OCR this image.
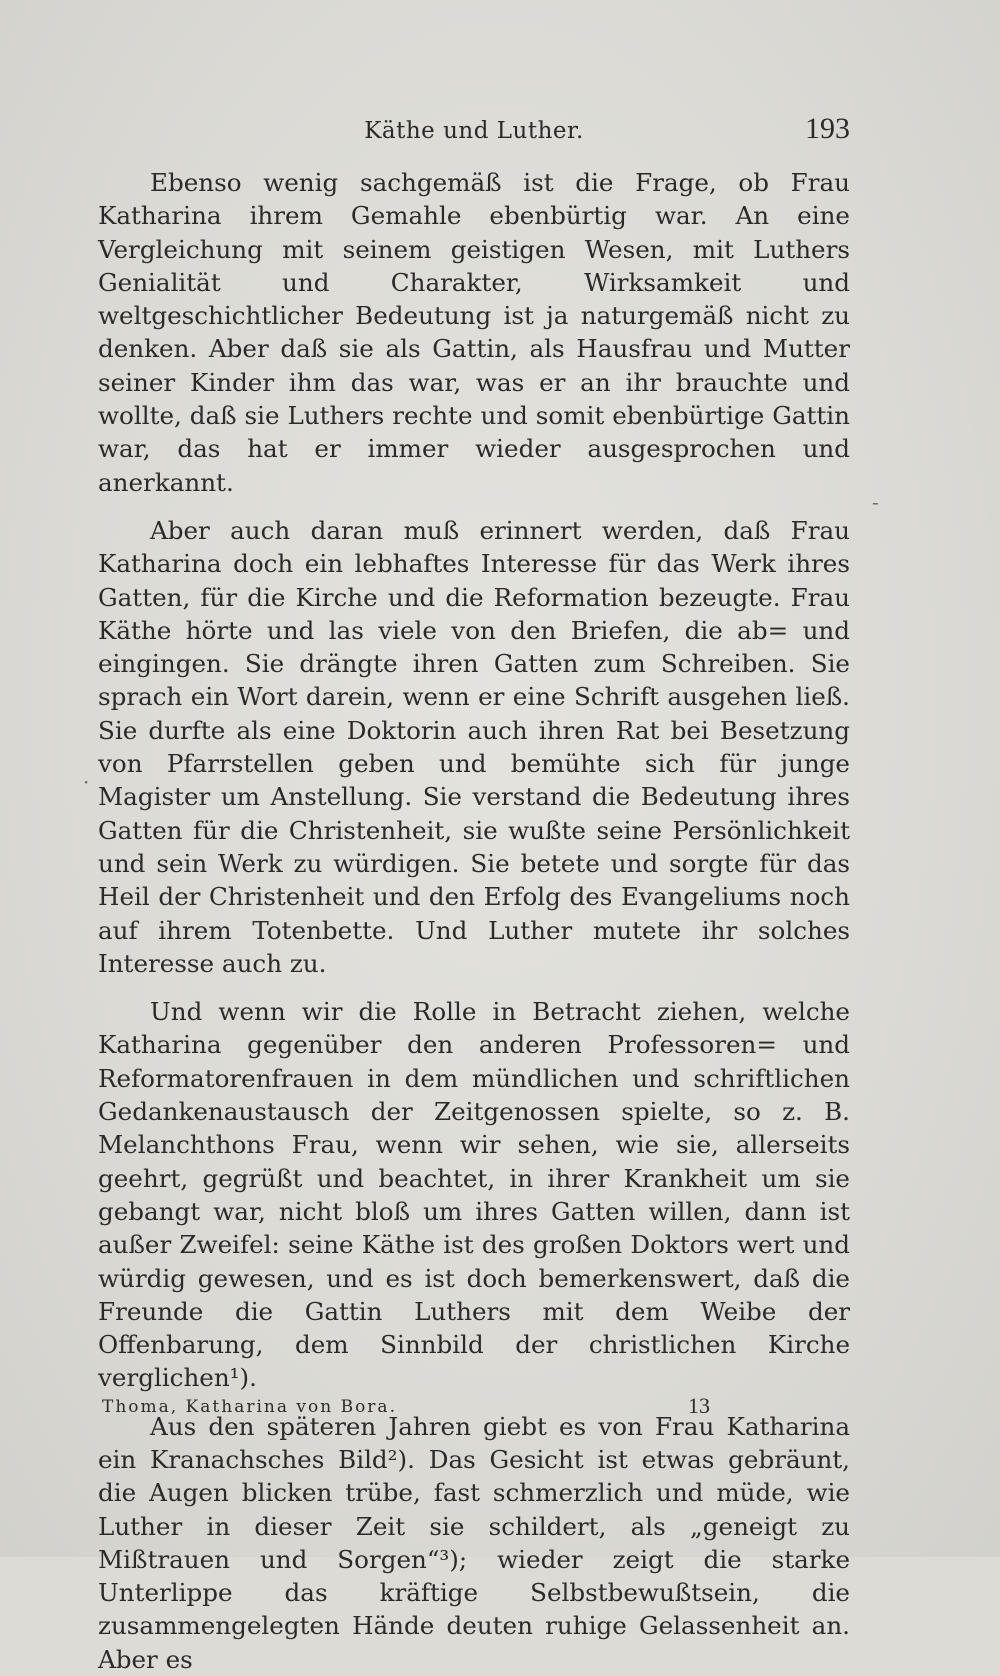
Käthe und Luther.	193

Ebenso wenig sachgemäß ist die Frage, ob Frau Katharina ihrem Gemahle ebenbürtig war. An eine Vergleichung mit seinem geistigen Wesen, mit Luthers Genialität und Charakter, Wirksamkeit und weltgeschichtlicher Bedeutung ist ja naturgemäß nicht zu denken. Aber daß sie als Gattin, als Hausfrau und Mutter seiner Kinder ihm das war, was er an ihr brauchte und wollte, daß sie Luthers rechte und somit ebenbürtige Gattin war, das hat er immer wieder ausgesprochen und anerkannt.

Aber auch daran muß erinnert werden, daß Frau Katharina doch ein lebhaftes Interesse für das Werk ihres Gatten, für die Kirche und die Reformation bezeugte. Frau Käthe hörte und las viele von den Briefen, die ab= und eingingen. Sie drängte ihren Gatten zum Schreiben. Sie sprach ein Wort darein, wenn er eine Schrift ausgehen ließ. Sie durfte als eine Doktorin auch ihren Rat bei Besetzung von Pfarrstellen geben und bemühte sich für junge Magister um Anstellung. Sie verstand die Bedeutung ihres Gatten für die Christenheit, sie wußte seine Persönlichkeit und sein Werk zu würdigen. Sie betete und sorgte für das Heil der Christenheit und den Erfolg des Evangeliums noch auf ihrem Totenbette. Und Luther mutete ihr solches Interesse auch zu.

Und wenn wir die Rolle in Betracht ziehen, welche Katharina gegenüber den anderen Professoren= und Reformatorenfrauen in dem mündlichen und schriftlichen Gedankenaustausch der Zeitgenossen spielte, so z. B. Melanchthons Frau, wenn wir sehen, wie sie, allerseits geehrt, gegrüßt und beachtet, in ihrer Krankheit um sie gebangt war, nicht bloß um ihres Gatten willen, dann ist außer Zweifel: seine Käthe ist des großen Doktors wert und würdig gewesen, und es ist doch bemerkenswert, daß die Freunde die Gattin Luthers mit dem Weibe der Offenbarung, dem Sinnbild der christlichen Kirche verglichen¹).

Aus den späteren Jahren giebt es von Frau Katharina ein Kranachsches Bild²). Das Gesicht ist etwas gebräunt, die Augen blicken trübe, fast schmerzlich und müde, wie Luther in dieser Zeit sie schildert, als „geneigt zu Mißtrauen und Sorgen“³); wieder zeigt die starke Unterlippe das kräftige Selbstbewußtsein, die zusammengelegten Hände deuten ruhige Gelassenheit an. Aber es

-
·
Thoma, Katharina von Bora.	13
